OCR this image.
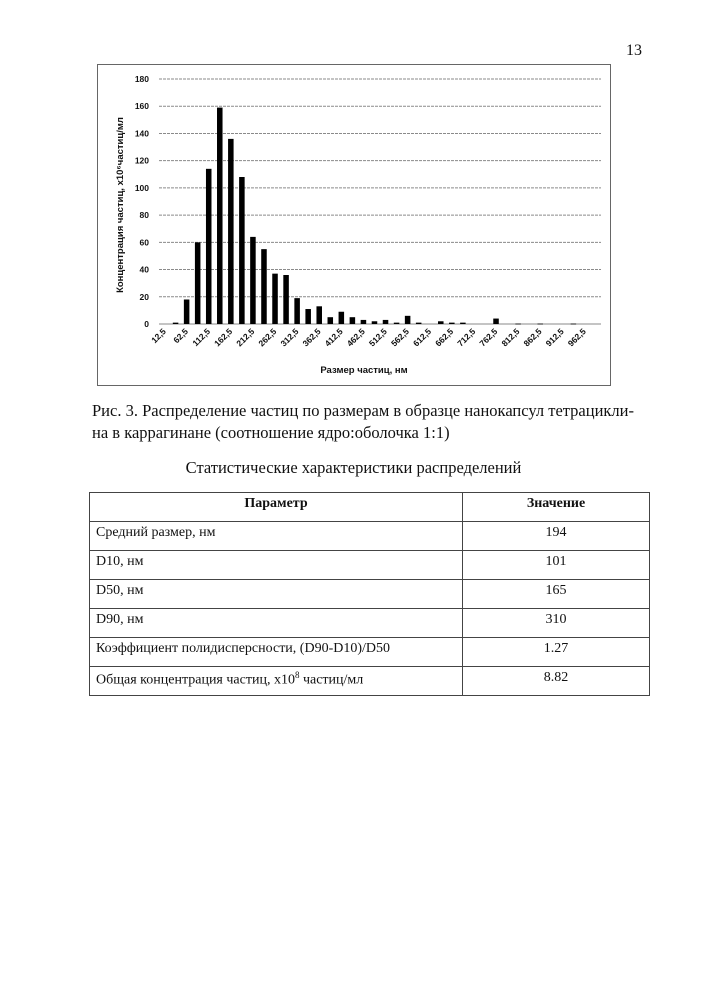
13
0
20
40
60
80
100
120
140
160
180
12,5 62,5 112,5 162,5 212,5 262,5 312,5 362,5 412,5 462,5 512,5 562,5 612,5 662,5 712,5 762,5 812,5 862,5 912,5 962,5
Концентрация частиц, x10⁶частиц/мл
Размер частиц, нм
Рис. 3. Распределение частиц по размерам в образце нанокапсул тетрацикли-
на в каррагинане (соотношение ядро:оболочка 1:1)
Статистические характеристики распределений
Параметр	Значение
Средний размер, нм	194
D10, нм	101
D50, нм	165
D90, нм	310
Коэффициент полидисперсности, (D90-D10)/D50	1.27
Общая концентрация частиц, $x10^8$ частиц/мл	8.82
